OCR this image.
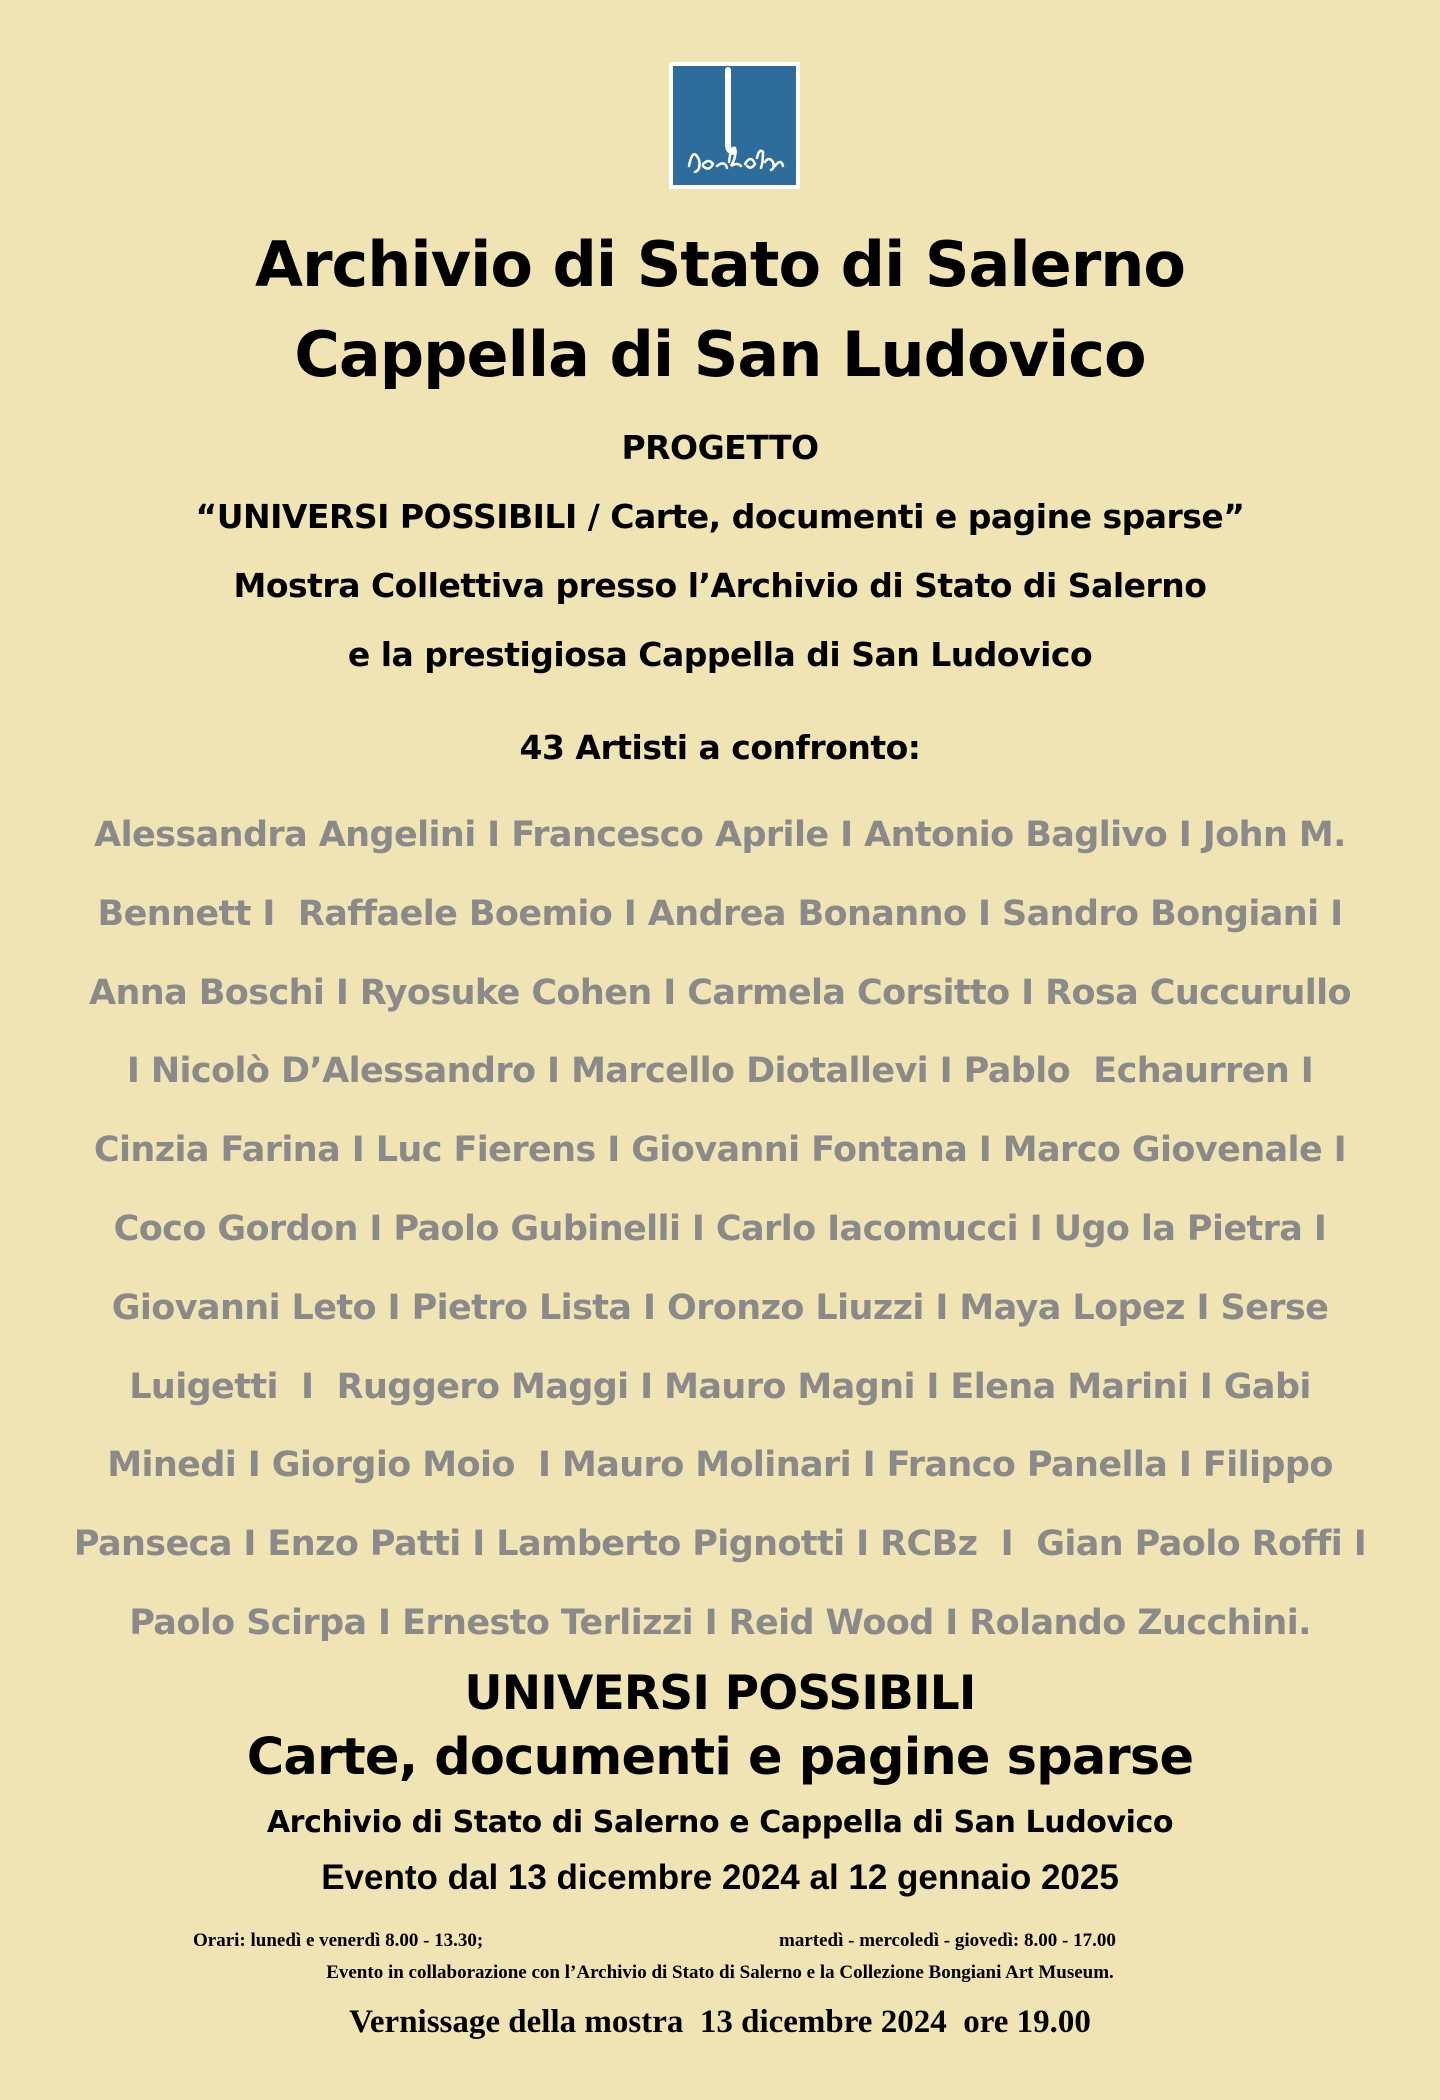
Archivio di Stato di Salerno
Cappella di San Ludovico
PROGETTO
“UNIVERSI POSSIBILI / Carte, documenti e pagine sparse”
Mostra Collettiva presso l’Archivio di Stato di Salerno
e la prestigiosa Cappella di San Ludovico
43 Artisti a confronto:
Alessandra Angelini I Francesco Aprile I Antonio Baglivo I John M.
Bennett I  Raffaele Boemio I Andrea Bonanno I Sandro Bongiani I
Anna Boschi I Ryosuke Cohen I Carmela Corsitto I Rosa Cuccurullo
I Nicolò D’Alessandro I Marcello Diotallevi I Pablo  Echaurren I
Cinzia Farina I Luc Fierens I Giovanni Fontana I Marco Giovenale I
Coco Gordon I Paolo Gubinelli I Carlo Iacomucci I Ugo la Pietra I
Giovanni Leto I Pietro Lista I Oronzo Liuzzi I Maya Lopez I Serse
Luigetti  I  Ruggero Maggi I Mauro Magni I Elena Marini I Gabi
Minedi I Giorgio Moio  I Mauro Molinari I Franco Panella I Filippo
Panseca I Enzo Patti I Lamberto Pignotti I RCBz  I  Gian Paolo Roffi I
Paolo Scirpa I Ernesto Terlizzi I Reid Wood I Rolando Zucchini.
UNIVERSI POSSIBILI
Carte, documenti e pagine sparse
Archivio di Stato di Salerno e Cappella di San Ludovico
Evento dal 13 dicembre 2024 al 12 gennaio 2025
Orari: lunedì e venerdì 8.00 - 13.30;	martedì - mercoledì - giovedì: 8.00 - 17.00
Evento in collaborazione con l’Archivio di Stato di Salerno e la Collezione Bongiani Art Museum.
Vernissage della mostra  13 dicembre 2024  ore 19.00
